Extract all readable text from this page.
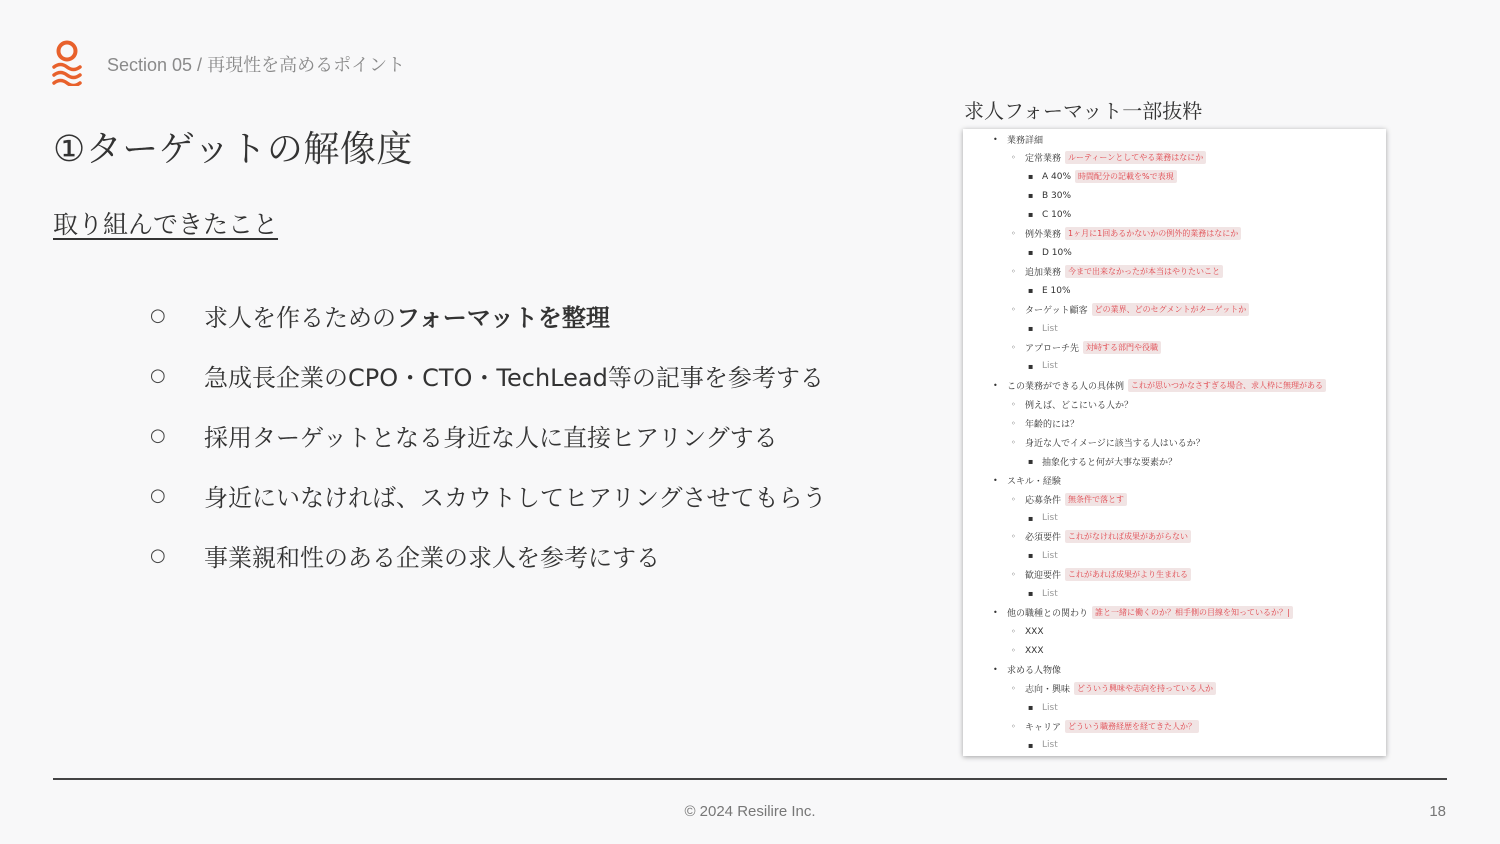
Section 05 / 再現性を高めるポイント
①ターゲットの解像度
取り組んできたこと
○	求人を作るためのフォーマットを整理
○	急成長企業のCPO・CTO・TechLead等の記事を参考する
○	採用ターゲットとなる身近な人に直接ヒアリングする
○	身近にいなければ、スカウトしてヒアリングさせてもらう
○	事業親和性のある企業の求人を参考にする
求人フォーマット一部抜粋
•	業務詳細
◦	定常業務 ルーティーンとしてやる業務はなにか
▪ A 40% 時間配分の記載を%で表現
▪ B 30%
▪ C 10%
◦	例外業務 1ヶ月に1回あるかないかの例外的業務はなにか
▪ D 10%
◦	追加業務 今まで出来なかったが本当はやりたいこと
▪ E 10%
◦	ターゲット顧客 どの業界、どのセグメントがターゲットか
▪ List
◦	アプローチ先 対峙する部門や役職
▪ List
•	この業務ができる人の具体例 これが思いつかなさすぎる場合、求人枠に無理がある
◦	例えば、どこにいる人か？
◦	年齢的には？
◦	身近な人でイメージに該当する人はいるか？
▪ 抽象化すると何が大事な要素か？
•	スキル・経験
◦	応募条件 無条件で落とす
▪ List
◦	必須要件 これがなければ成果があがらない
▪ List
◦	歓迎要件 これがあれば成果がより生まれる
▪ List
•	他の職種との関わり 誰と一緒に働くのか？相手側の目線を知っているか？|
◦	XXX
◦	XXX
•	求める人物像
◦	志向・興味 どういう興味や志向を持っている人か
▪ List
◦	キャリア どういう職務経歴を経てきた人か？
▪ List
© 2024 Resilire Inc.	18
